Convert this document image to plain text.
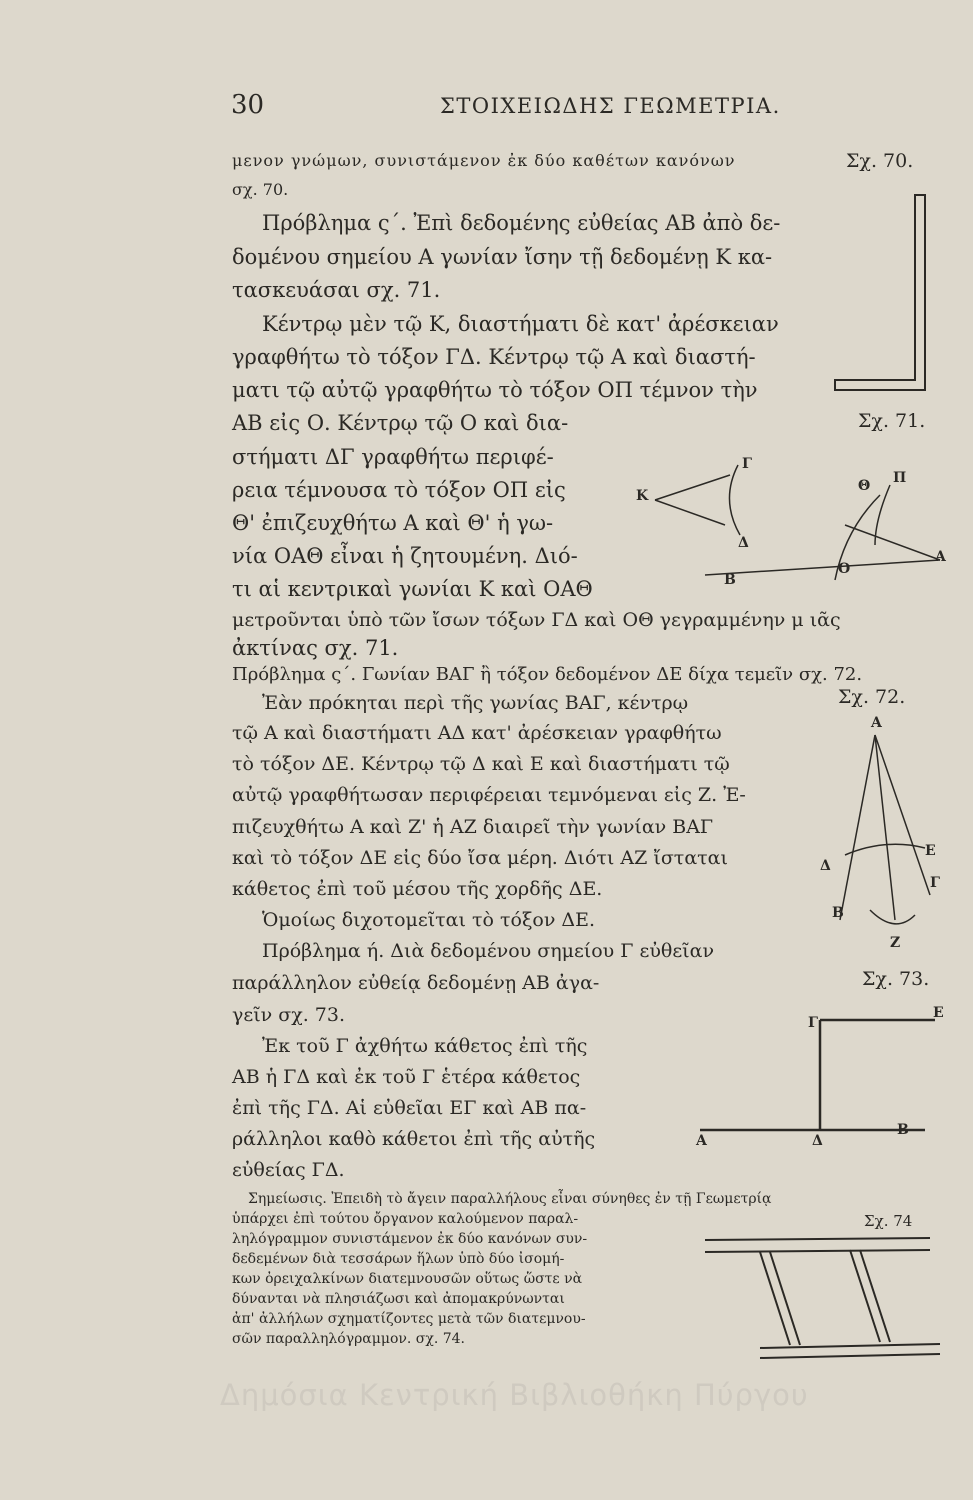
30	ΣΤΟΙΧΕΙΩΔΗΣ ΓΕΩΜΕΤΡΙΑ.
μενον γνώμων, συνιστάμενον ἐκ δύο καθέτων κανόνων
σχ. 70.
Πρόβλημα ς΄. Ἐπὶ δεδομένης εὐθείας ΑΒ ἀπὸ δε-
δομένου σημείου Α γωνίαν ἴσην τῇ δεδομένῃ Κ κα-
τασκευάσαι σχ. 71.
Κέντρῳ μὲν τῷ Κ, διαστήματι δὲ κατ' ἀρέσκειαν
γραφθήτω τὸ τόξον ΓΔ. Κέντρῳ τῷ Α καὶ διαστή-
ματι τῷ αὐτῷ γραφθήτω τὸ τόξον ΟΠ τέμνον τὴν
ΑΒ εἰς Ο. Κέντρῳ τῷ Ο καὶ δια-
στήματι ΔΓ γραφθήτω περιφέ-
ρεια τέμνουσα τὸ τόξον ΟΠ εἰς
Θ' ἐπιζευχθήτω Α καὶ Θ' ἡ γω-
νία ΟΑΘ εἶναι ἡ ζητουμένη. Διό-
τι αἱ κεντρικαὶ γωνίαι Κ καὶ ΟΑΘ
μετροῦνται ὑπὸ τῶν ἴσων τόξων ΓΔ καὶ ΟΘ γεγραμμένην μ ιᾶς
ἀκτίνας σχ. 71.
Πρόβλημα ς΄. Γωνίαν ΒΑΓ ἢ τόξον δεδομένον ΔΕ δίχα τεμεῖν σχ. 72.
Ἐὰν πρόκηται περὶ τῆς γωνίας ΒΑΓ, κέντρῳ
τῷ Α καὶ διαστήματι ΑΔ κατ' ἀρέσκειαν γραφθήτω
τὸ τόξον ΔΕ. Κέντρῳ τῷ Δ καὶ Ε καὶ διαστήματι τῷ
αὐτῷ γραφθήτωσαν περιφέρειαι τεμνόμεναι εἰς Ζ. Ἐ-
πιζευχθήτω Α καὶ Ζ' ἡ ΑΖ διαιρεῖ τὴν γωνίαν ΒΑΓ
καὶ τὸ τόξον ΔΕ εἰς δύο ἴσα μέρη. Διότι ΑΖ ἴσταται
κάθετος ἐπὶ τοῦ μέσου τῆς χορδῆς ΔΕ.
Ὁμοίως διχοτομεῖται τὸ τόξον ΔΕ.
Πρόβλημα ή. Διὰ δεδομένου σημείου Γ εὐθεῖαν
παράλληλον εὐθείᾳ δεδομένῃ ΑΒ ἀγα-
γεῖν σχ. 73.
Ἐκ τοῦ Γ ἀχθήτω κάθετος ἐπὶ τῆς
ΑΒ ἡ ΓΔ καὶ ἐκ τοῦ Γ ἑτέρα κάθετος
ἐπὶ τῆς ΓΔ. Αἱ εὐθεῖαι ΕΓ καὶ ΑΒ πα-
ράλληλοι καθὸ κάθετοι ἐπὶ τῆς αὐτῆς
εὐθείας ΓΔ.
Σημείωσις. Ἐπειδὴ τὸ ἄγειν παραλλήλους εἶναι σύνηθες ἐν τῇ Γεωμετρίᾳ
ὑπάρχει ἐπὶ τούτου ὄργανον καλούμενον παραλ-
ληλόγραμμον συνιστάμενον ἐκ δύο κανόνων συν-
δεδεμένων διὰ τεσσάρων ἥλων ὑπὸ δύο ἰσομή-
κων ὀρειχαλκίνων διατεμνουσῶν οὕτως ὥστε νὰ
δύνανται νὰ πλησιάζωσι καὶ ἀπομακρύνωνται
ἀπ' ἀλλήλων σχηματίζοντες μετὰ τῶν διατεμνου-
σῶν παραλληλόγραμμον. σχ. 74.
Σχ. 70.
Σχ. 71.
Γ
Κ
Δ
Θ Π
Ο
Α
Β
Σχ. 72.
Α
Δ
Ε
Γ
Β
Ζ
Σχ. 73.
Γ
Ε
Α	Δ
Β
Σχ. 74
Δημόσια Κεντρική Βιβλιοθήκη Πύργου
